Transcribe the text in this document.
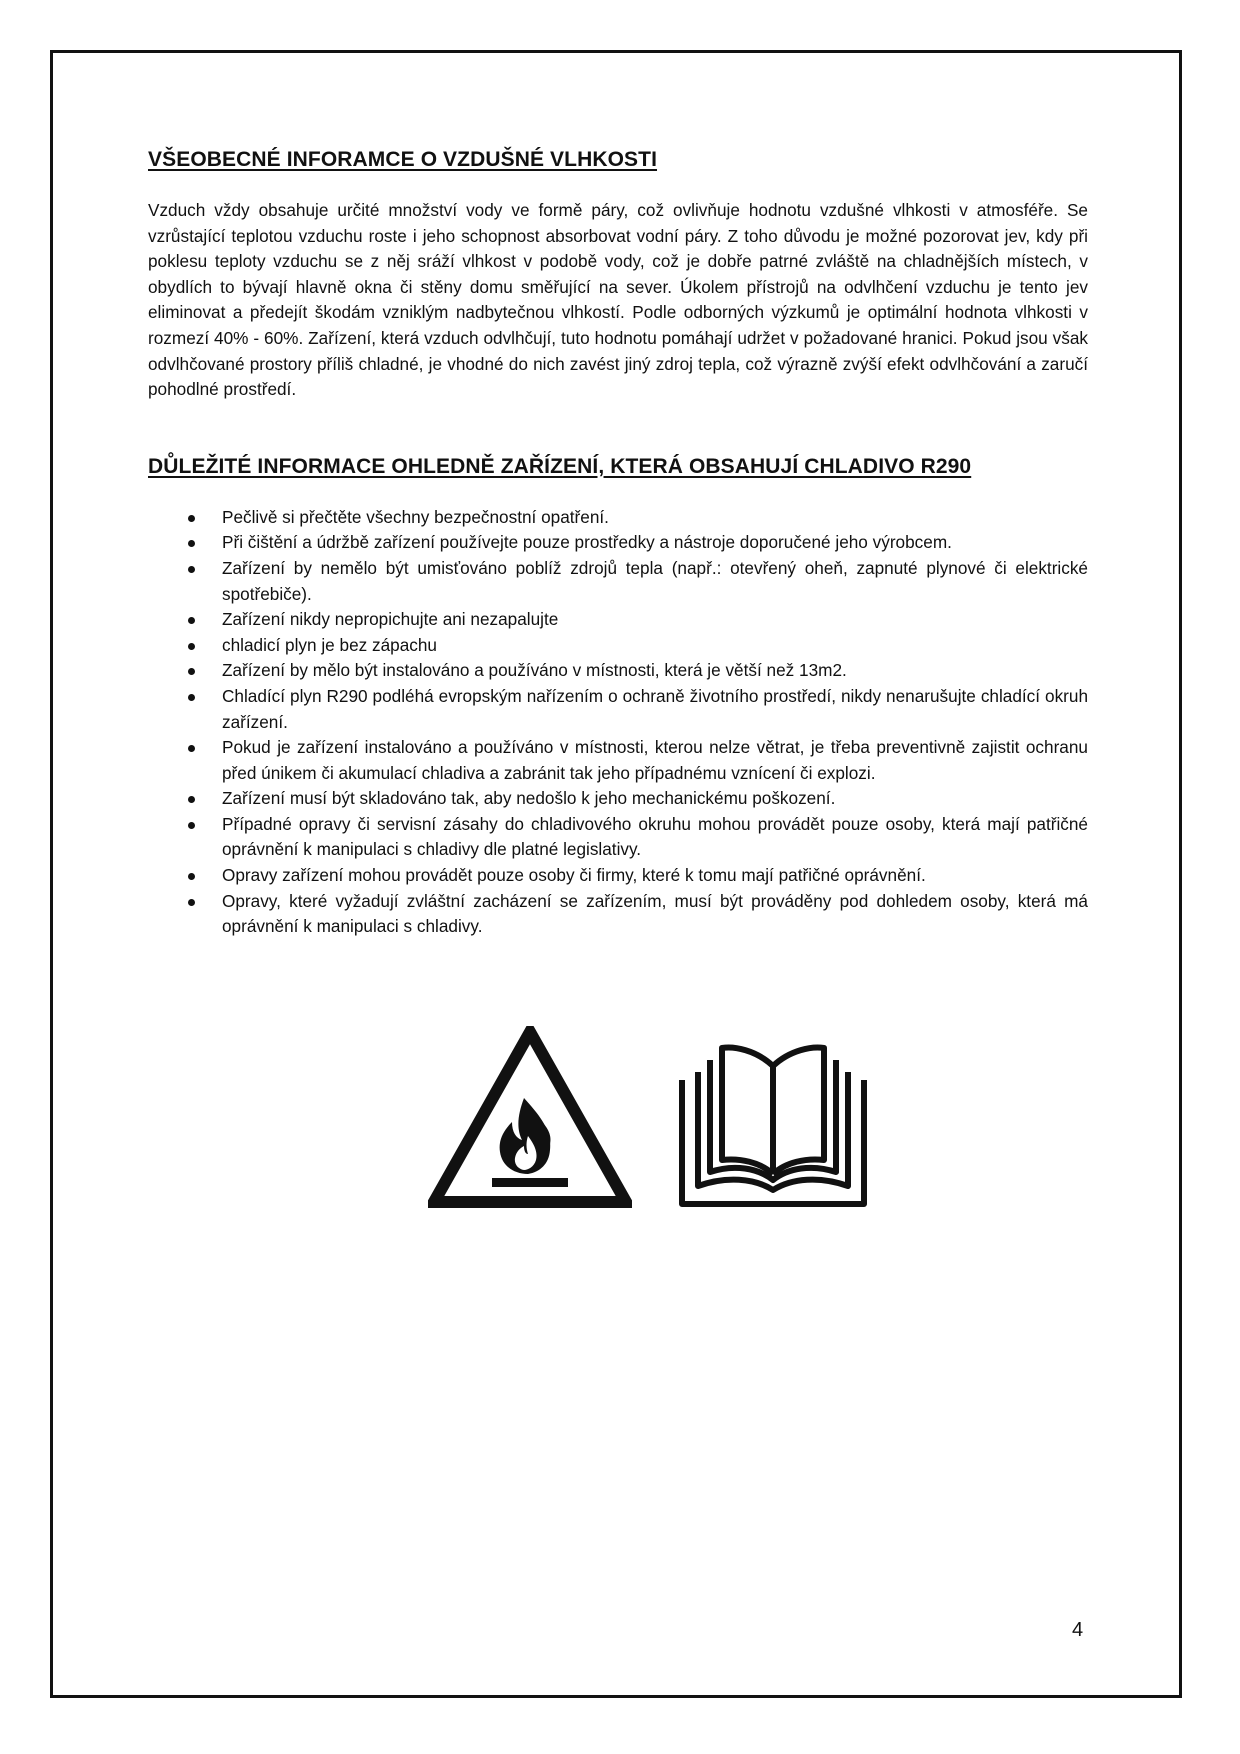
VŠEOBECNÉ INFORAMCE O VZDUŠNÉ VLHKOSTI

Vzduch vždy obsahuje určité množství vody ve formě páry, což ovlivňuje hodnotu vzdušné vlhkosti v atmosféře. Se vzrůstající teplotou vzduchu roste i jeho schopnost absorbovat vodní páry. Z toho důvodu je možné pozorovat jev, kdy při poklesu teploty vzduchu se z něj sráží vlhkost v podobě vody, což je dobře patrné zvláště na chladnějších místech, v obydlích to bývají hlavně okna či stěny domu směřující na sever. Úkolem přístrojů na odvlhčení vzduchu je tento jev eliminovat a předejít škodám vzniklým nadbytečnou vlhkostí. Podle odborných výzkumů je optimální hodnota vlhkosti v rozmezí 40% - 60%. Zařízení, která vzduch odvlhčují, tuto hodnotu pomáhají udržet v požadované hranici. Pokud jsou však odvlhčované prostory příliš chladné, je vhodné do nich zavést jiný zdroj tepla, což výrazně zvýší efekt odvlhčování a zaručí pohodlné prostředí.

DŮLEŽITÉ INFORMACE OHLEDNĚ ZAŘÍZENÍ, KTERÁ OBSAHUJÍ CHLADIVO R290
Pečlivě si přečtěte všechny bezpečnostní opatření.
Při čištění a údržbě zařízení používejte pouze prostředky a nástroje doporučené jeho výrobcem.
Zařízení by nemělo být umisťováno poblíž zdrojů tepla (např.: otevřený oheň, zapnuté plynové či elektrické spotřebiče).
Zařízení nikdy nepropichujte ani nezapalujte
chladicí plyn je bez zápachu
Zařízení by mělo být instalováno a používáno v místnosti, která je větší než 13m2.
Chladící plyn R290 podléhá evropským nařízením o ochraně životního prostředí, nikdy nenarušujte chladící okruh zařízení.
Pokud je zařízení instalováno a používáno v místnosti, kterou nelze větrat, je třeba preventivně zajistit ochranu před únikem či akumulací chladiva a zabránit tak jeho případnému vznícení či explozi.
Zařízení musí být skladováno tak, aby nedošlo k jeho mechanickému poškození.
Případné opravy či servisní zásahy do chladivového okruhu mohou provádět pouze osoby, která mají patřičné oprávnění k manipulaci s chladivy dle platné legislativy.
Opravy zařízení mohou provádět pouze osoby či firmy, které k tomu mají patřičné oprávnění.
Opravy, které vyžadují zvláštní zacházení se zařízením, musí být prováděny pod dohledem osoby, která má oprávnění k manipulaci s chladivy.
4
